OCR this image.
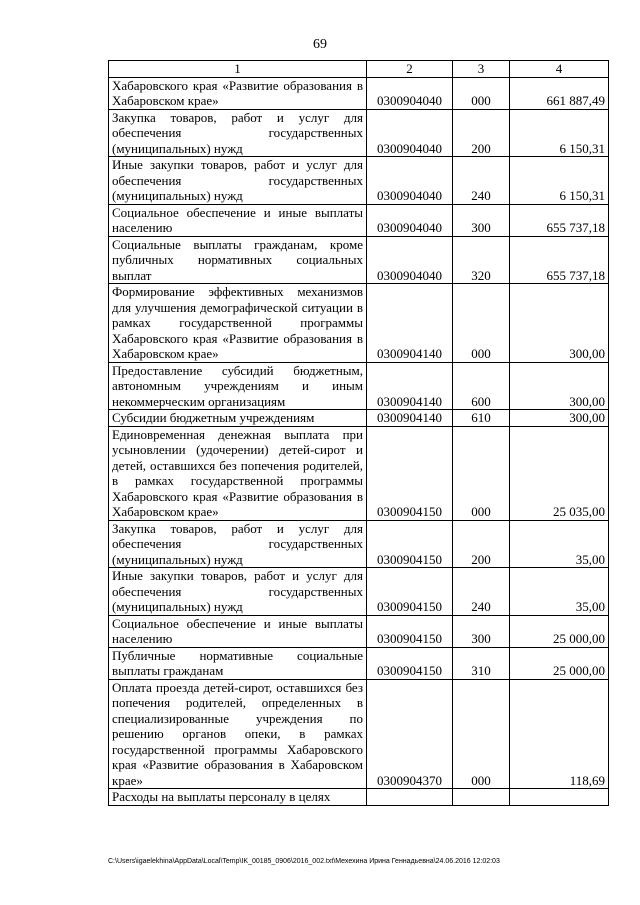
69
1	2	3	4
Хабаровского края «Развитие образования в Хабаровском крае»	0300904040	000	661 887,49
Закупка товаров, работ и услуг для обеспечения государственных (муниципальных) нужд	0300904040	200	6 150,31
Иные закупки товаров, работ и услуг для обеспечения государственных (муниципальных) нужд	0300904040	240	6 150,31
Социальное обеспечение и иные выплаты населению	0300904040	300	655 737,18
Социальные выплаты гражданам, кроме публичных нормативных социальных выплат	0300904040	320	655 737,18
Формирование эффективных механизмов для улучшения демографической ситуации в рамках государственной программы Хабаровского края «Развитие образования в Хабаровском крае»	0300904140	000	300,00
Предоставление субсидий бюджетным, автономным учреждениям и иным некоммерческим организациям	0300904140	600	300,00
Субсидии бюджетным учреждениям	0300904140	610	300,00
Единовременная денежная выплата при усыновлении (удочерении) детей-сирот и детей, оставшихся без попечения родителей, в рамках государственной программы Хабаровского края «Развитие образования в Хабаровском крае»	0300904150	000	25 035,00
Закупка товаров, работ и услуг для обеспечения государственных (муниципальных) нужд	0300904150	200	35,00
Иные закупки товаров, работ и услуг для обеспечения государственных (муниципальных) нужд	0300904150	240	35,00
Социальное обеспечение и иные выплаты населению	0300904150	300	25 000,00
Публичные нормативные социальные выплаты гражданам	0300904150	310	25 000,00
Оплата проезда детей-сирот, оставшихся без попечения родителей, определенных в специализированные учреждения по решению органов опеки, в рамках государственной программы Хабаровского края «Развитие образования в Хабаровском крае»	0300904370	000	118,69
Расходы на выплаты персоналу в целях			
C:\Users\igaelekhina\AppData\Local\Temp\IK_00185_0906\2016_002.txt\Мехехина Ирина Геннадьевна\24.06.2016 12:02:03
